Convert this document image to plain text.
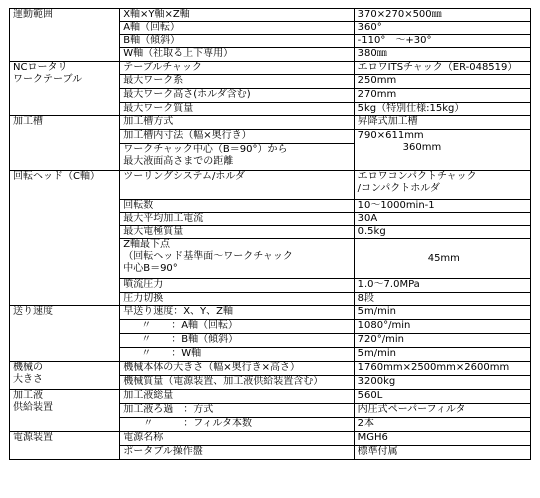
運動範囲	X軸×Y軸×Z軸	370×270×500㎜

	A軸（回転）	360°

	B軸（傾斜）	-110°　～+30°

	W軸（社取る上下専用）	380㎜

NCロータリ
ワークテーブル	テーブルチャック	エロワITSチャック（ER-048519）

	最大ワーク系	250mm

	最大ワーク高さ(ホルダ含む)	270mm

	最大ワーク質量	5kg（特別仕様:15kg）

加工槽	加工槽方式	昇降式加工槽

	加工槽内寸法（幅×奥行き）	790×611mm
360mm

	ワークチャック中心（B＝90°）から
最大液面高さまでの距離	

回転ヘッド（C軸）	ツーリングシステム/ホルダ	エロワコンパクトチャック
/コンパクトホルダ

	回転数	10～1000min-1

	最大平均加工電流	30A

	最大電極質量	0.5kg

	Z軸最下点
（回転ヘッド基準面～ワークチャック
中心B＝90°	45mm

	噴流圧力	1.0～7.0MPa

	圧力切換	8段

送り速度	早送り速度：X、Y、Z軸	5m/min

	〃　　：A軸（回転）	1080°/min

	〃　　：B軸（傾斜）	720°/min

	〃　　：W軸	5m/min

機械の
大きさ	機械本体の大きさ（幅×奥行き×高さ）	1760mm×2500mm×2600mm

	機械質量（電源装置、加工液供給装置含む）	3200kg

加工液
供給装置	加工液総量	560L

	加工液ろ過　：方式	内圧式ペーパーフィルタ

	〃　　　：フィルタ本数	2本

電源装置	電源名称	MGH6

	ポータブル操作盤	標準付属
